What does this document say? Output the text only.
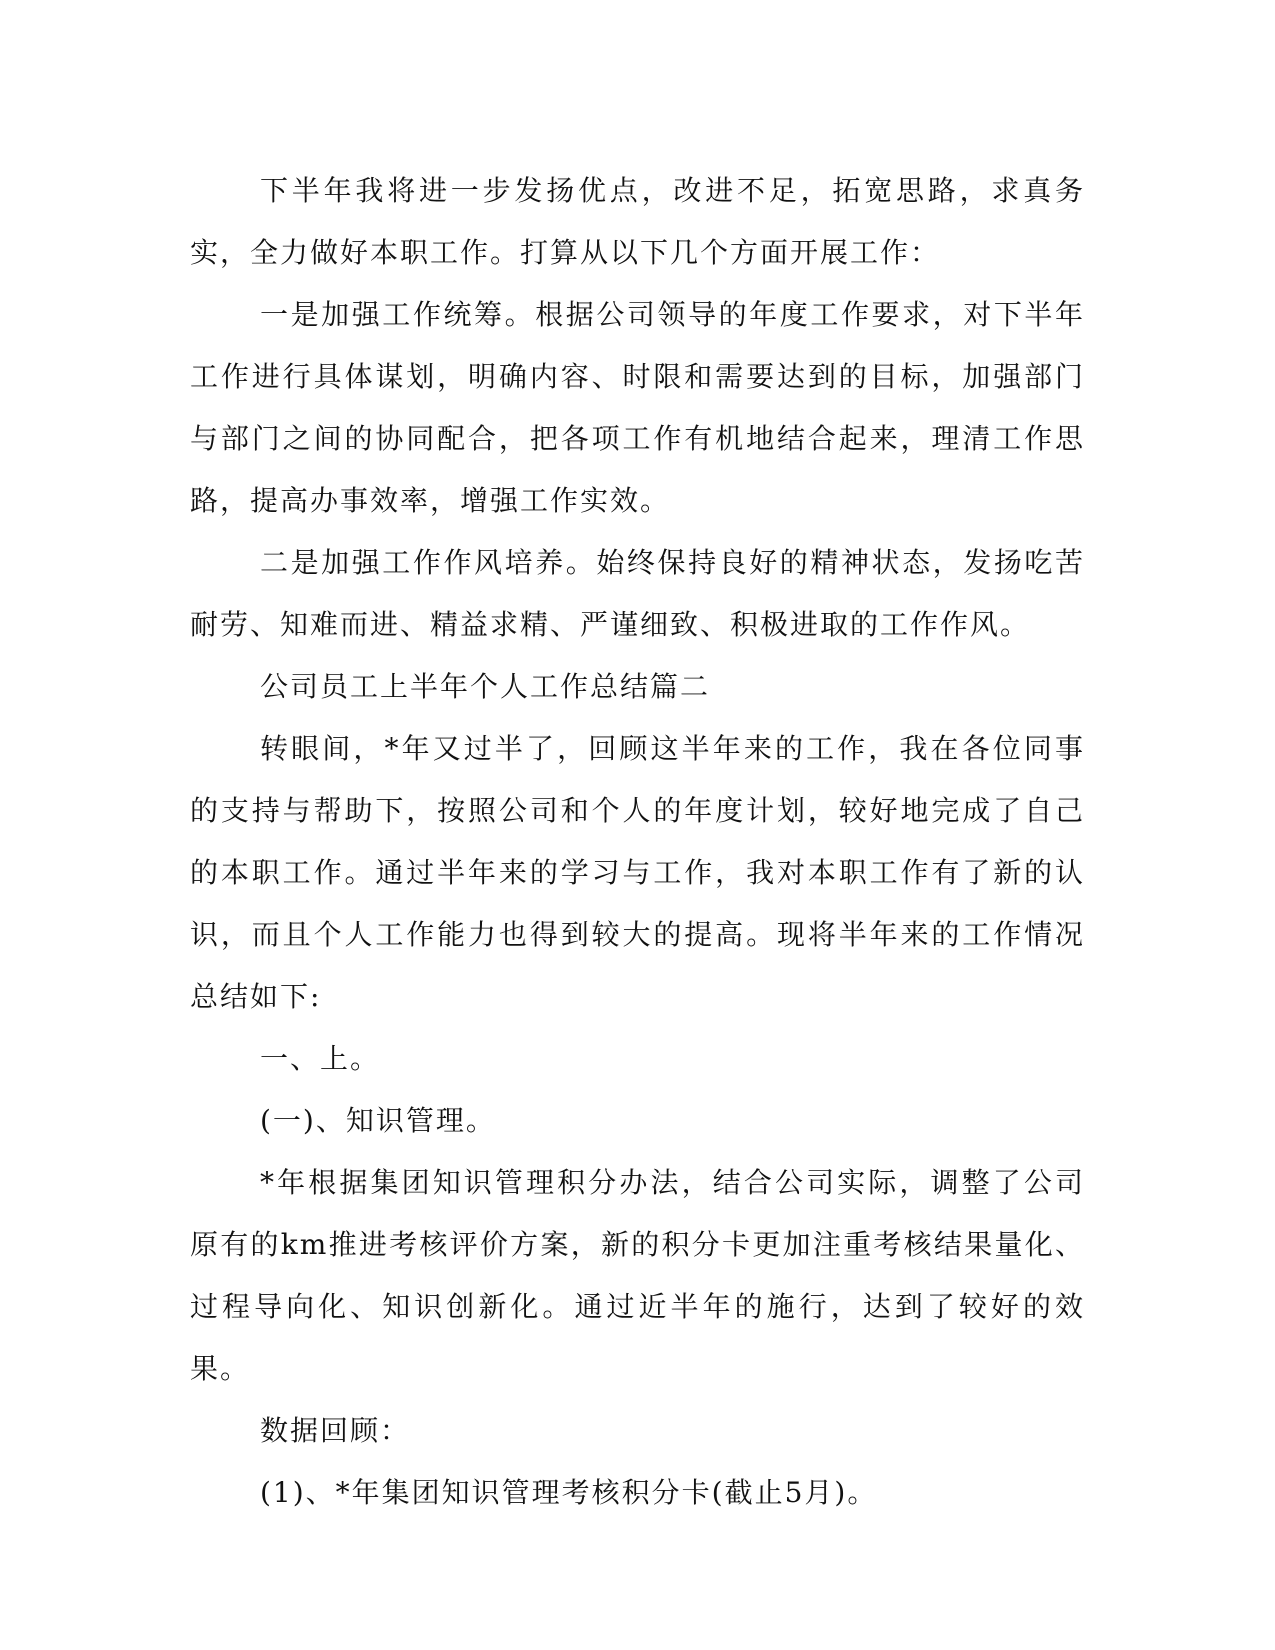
下半年我将进一步发扬优点，改进不足，拓宽思路，求真务实，全力做好本职工作。打算从以下几个方面开展工作：

一是加强工作统筹。根据公司领导的年度工作要求，对下半年工作进行具体谋划，明确内容、时限和需要达到的目标，加强部门与部门之间的协同配合，把各项工作有机地结合起来，理清工作思路，提高办事效率，增强工作实效。

二是加强工作作风培养。始终保持良好的精神状态，发扬吃苦耐劳、知难而进、精益求精、严谨细致、积极进取的工作作风。

公司员工上半年个人工作总结篇二

转眼间，*年又过半了，回顾这半年来的工作，我在各位同事的支持与帮助下，按照公司和个人的年度计划，较好地完成了自己的本职工作。通过半年来的学习与工作，我对本职工作有了新的认识，而且个人工作能力也得到较大的提高。现将半年来的工作情况总结如下:

一、上。

(一)、知识管理。

*年根据集团知识管理积分办法，结合公司实际，调整了公司原有的km推进考核评价方案，新的积分卡更加注重考核结果量化、过程导向化、知识创新化。通过近半年的施行，达到了较好的效果。

数据回顾：

(1)、*年集团知识管理考核积分卡(截止5月)。
